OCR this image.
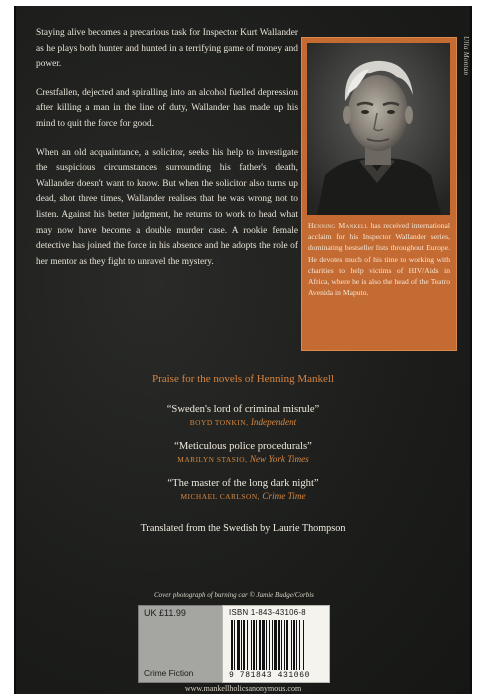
Ulla Montan

Staying alive becomes a precarious task for Inspector Kurt Wallander as he plays both hunter and hunted in a terrifying game of money and power.

Crestfallen, dejected and spiralling into an alcohol fuelled depression after killing a man in the line of duty, Wallander has made up his mind to quit the force for good.

When an old acquaintance, a solicitor, seeks his help to investigate the suspicious circumstances surrounding his father's death, Wallander doesn't want to know. But when the solicitor also turns up dead, shot three times, Wallander realises that he was wrong not to listen. Against his better judgment, he returns to work to head what may now have become a double murder case. A rookie female detective has joined the force in his absence and he adopts the role of her mentor as they fight to unravel the mystery.

Henning Mankell has received international acclaim for his Inspector Wallander series, dominating bestseller lists throughout Europe. He devotes much of his time to working with charities to help victims of HIV/Aids in Africa, where he is also the head of the Teatro Avenida in Maputo.
Praise for the novels of Henning Mankell
“Sweden's lord of criminal misrule”
BOYD TONKIN, Independent
“Meticulous police procedurals”
MARILYN STASIO, New York Times
“The master of the long dark night”
MICHAEL CARLSON, Crime Time
Translated from the Swedish by Laurie Thompson
Cover photograph of burning car © Jamie Budge/Corbis
UK £11.99
Crime Fiction
ISBN 1-843-43106-8
9 781843 431060
www.mankellholicsanonymous.com
